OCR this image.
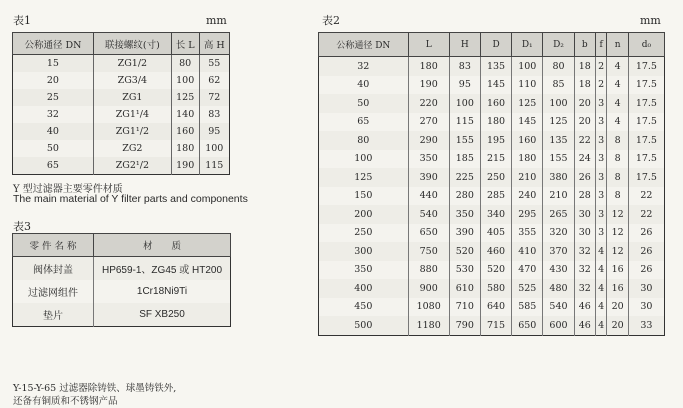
表1	mm
公称通径 DN	联接螺纹(寸)	长 L	高 H
15	ZG1/2	80	55
20	ZG3/4	100	62
25	ZG1	125	72
32	ZG1¹/4	140	83
40	ZG1¹/2	160	95
50	ZG2	180	100
65	ZG2¹/2	190	115
Y 型过滤器主要零件材质
The main material of Y filter parts and components
表3
零 件 名 称	材　　质
阀体封盖	HP659-1、ZG45 或 HT200
过滤网组件	1Cr18Ni9Ti
垫片	SF XB250
Y-15-Y-65 过滤器除铸铁、球墨铸铁外,
还备有铜质和不锈钢产品
表2	mm
公称通径 DN	L	H	D	D₁	D₂	b	f	n	d₀
32	180	83	135	100	80	18	2	4	17.5
40	190	95	145	110	85	18	2	4	17.5
50	220	100	160	125	100	20	3	4	17.5
65	270	115	180	145	125	20	3	4	17.5
80	290	155	195	160	135	22	3	8	17.5
100	350	185	215	180	155	24	3	8	17.5
125	390	225	250	210	380	26	3	8	17.5
150	440	280	285	240	210	28	3	8	22
200	540	350	340	295	265	30	3	12	22
250	650	390	405	355	320	30	3	12	26
300	750	520	460	410	370	32	4	12	26
350	880	530	520	470	430	32	4	16	26
400	900	610	580	525	480	32	4	16	30
450	1080	710	640	585	540	46	4	20	30
500	1180	790	715	650	600	46	4	20	33
